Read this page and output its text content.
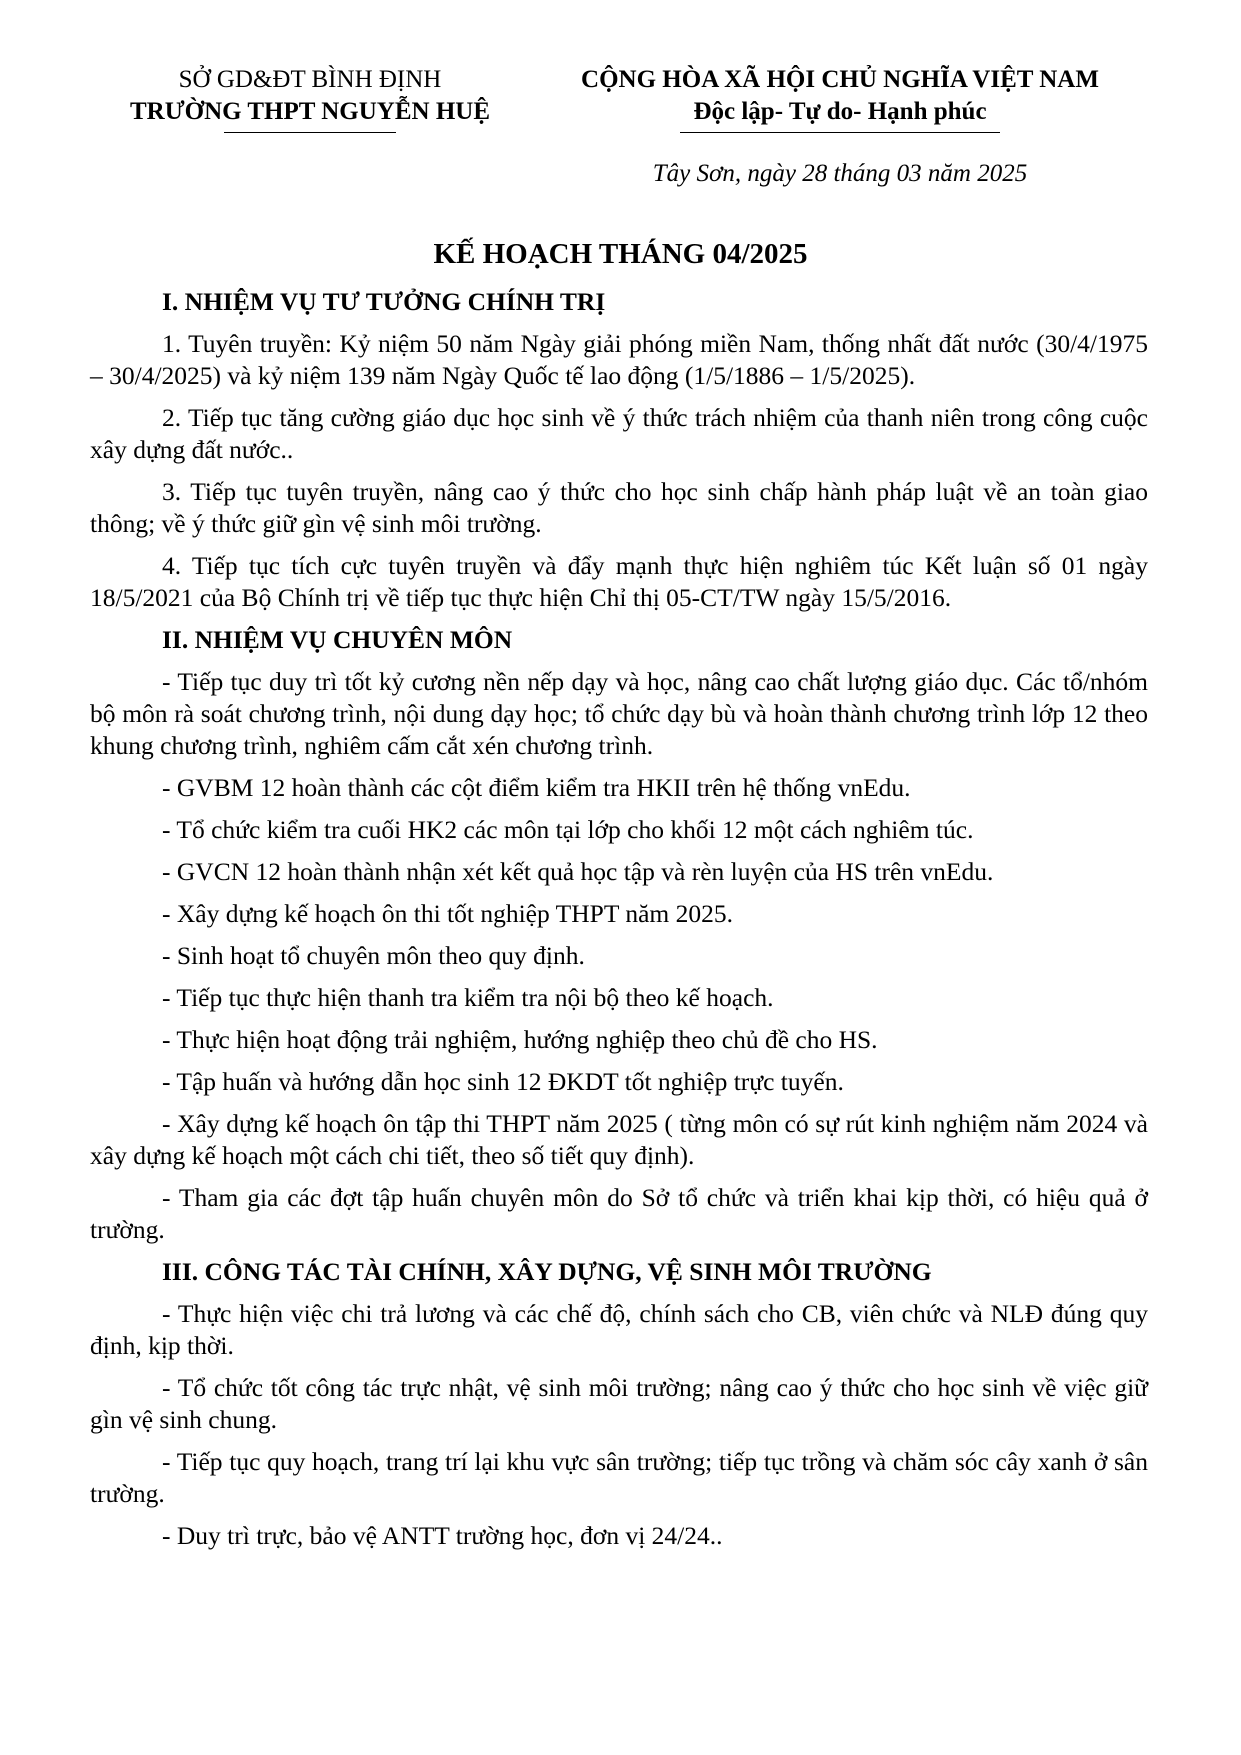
SỞ GD&ĐT BÌNH ĐỊNH
TRƯỜNG THPT NGUYỄN HUỆ
CỘNG HÒA XÃ HỘI CHỦ NGHĨA VIỆT NAM
Độc lập- Tự do- Hạnh phúc
Tây Sơn, ngày 28 tháng 03 năm 2025
KẾ HOẠCH THÁNG 04/2025
I. NHIỆM VỤ TƯ TƯỞNG CHÍNH TRỊ

1. Tuyên truyền: Kỷ niệm 50 năm Ngày giải phóng miền Nam, thống nhất đất nước (30/4/1975 – 30/4/2025) và kỷ niệm 139 năm Ngày Quốc tế lao động (1/5/1886 – 1/5/2025).

2. Tiếp tục tăng cường giáo dục học sinh về ý thức trách nhiệm của thanh niên trong công cuộc xây dựng đất nước..

3. Tiếp tục tuyên truyền, nâng cao ý thức cho học sinh chấp hành pháp luật về an toàn giao thông; về ý thức giữ gìn vệ sinh môi trường.

4. Tiếp tục tích cực tuyên truyền và đẩy mạnh thực hiện nghiêm túc Kết luận số 01 ngày 18/5/2021 của Bộ Chính trị về tiếp tục thực hiện Chỉ thị 05-CT/TW ngày 15/5/2016.

II. NHIỆM VỤ CHUYÊN MÔN

- Tiếp tục duy trì tốt kỷ cương nền nếp dạy và học, nâng cao chất lượng giáo dục. Các tổ/nhóm bộ môn rà soát chương trình, nội dung dạy học; tổ chức dạy bù và hoàn thành chương trình lớp 12 theo khung chương trình, nghiêm cấm cắt xén chương trình.

- GVBM 12 hoàn thành các cột điểm kiểm tra HKII trên hệ thống vnEdu.

- Tổ chức kiểm tra cuối HK2 các môn tại lớp cho khối 12 một cách nghiêm túc.

- GVCN 12 hoàn thành nhận xét kết quả học tập và rèn luyện của HS trên vnEdu.

- Xây dựng kế hoạch ôn thi tốt nghiệp THPT năm 2025.

- Sinh hoạt tổ chuyên môn theo quy định.

- Tiếp tục thực hiện thanh tra kiểm tra nội bộ theo kế hoạch.

- Thực hiện hoạt động trải nghiệm, hướng nghiệp theo chủ đề cho HS.

- Tập huấn và hướng dẫn học sinh 12 ĐKDT tốt nghiệp trực tuyến.

- Xây dựng kế hoạch ôn tập thi THPT năm 2025 ( từng môn có sự rút kinh nghiệm năm 2024 và xây dựng kế hoạch một cách chi tiết, theo số tiết quy định).

- Tham gia các đợt tập huấn chuyên môn do Sở tổ chức và triển khai kịp thời, có hiệu quả ở trường.

III. CÔNG TÁC TÀI CHÍNH, XÂY DỰNG, VỆ SINH MÔI TRƯỜNG

- Thực hiện việc chi trả lương và các chế độ, chính sách cho CB, viên chức và NLĐ đúng quy định, kịp thời.

- Tổ chức tốt công tác trực nhật, vệ sinh môi trường; nâng cao ý thức cho học sinh về việc giữ gìn vệ sinh chung.

- Tiếp tục quy hoạch, trang trí lại khu vực sân trường; tiếp tục trồng và chăm sóc cây xanh ở sân trường.

- Duy trì trực, bảo vệ ANTT trường học, đơn vị 24/24..
